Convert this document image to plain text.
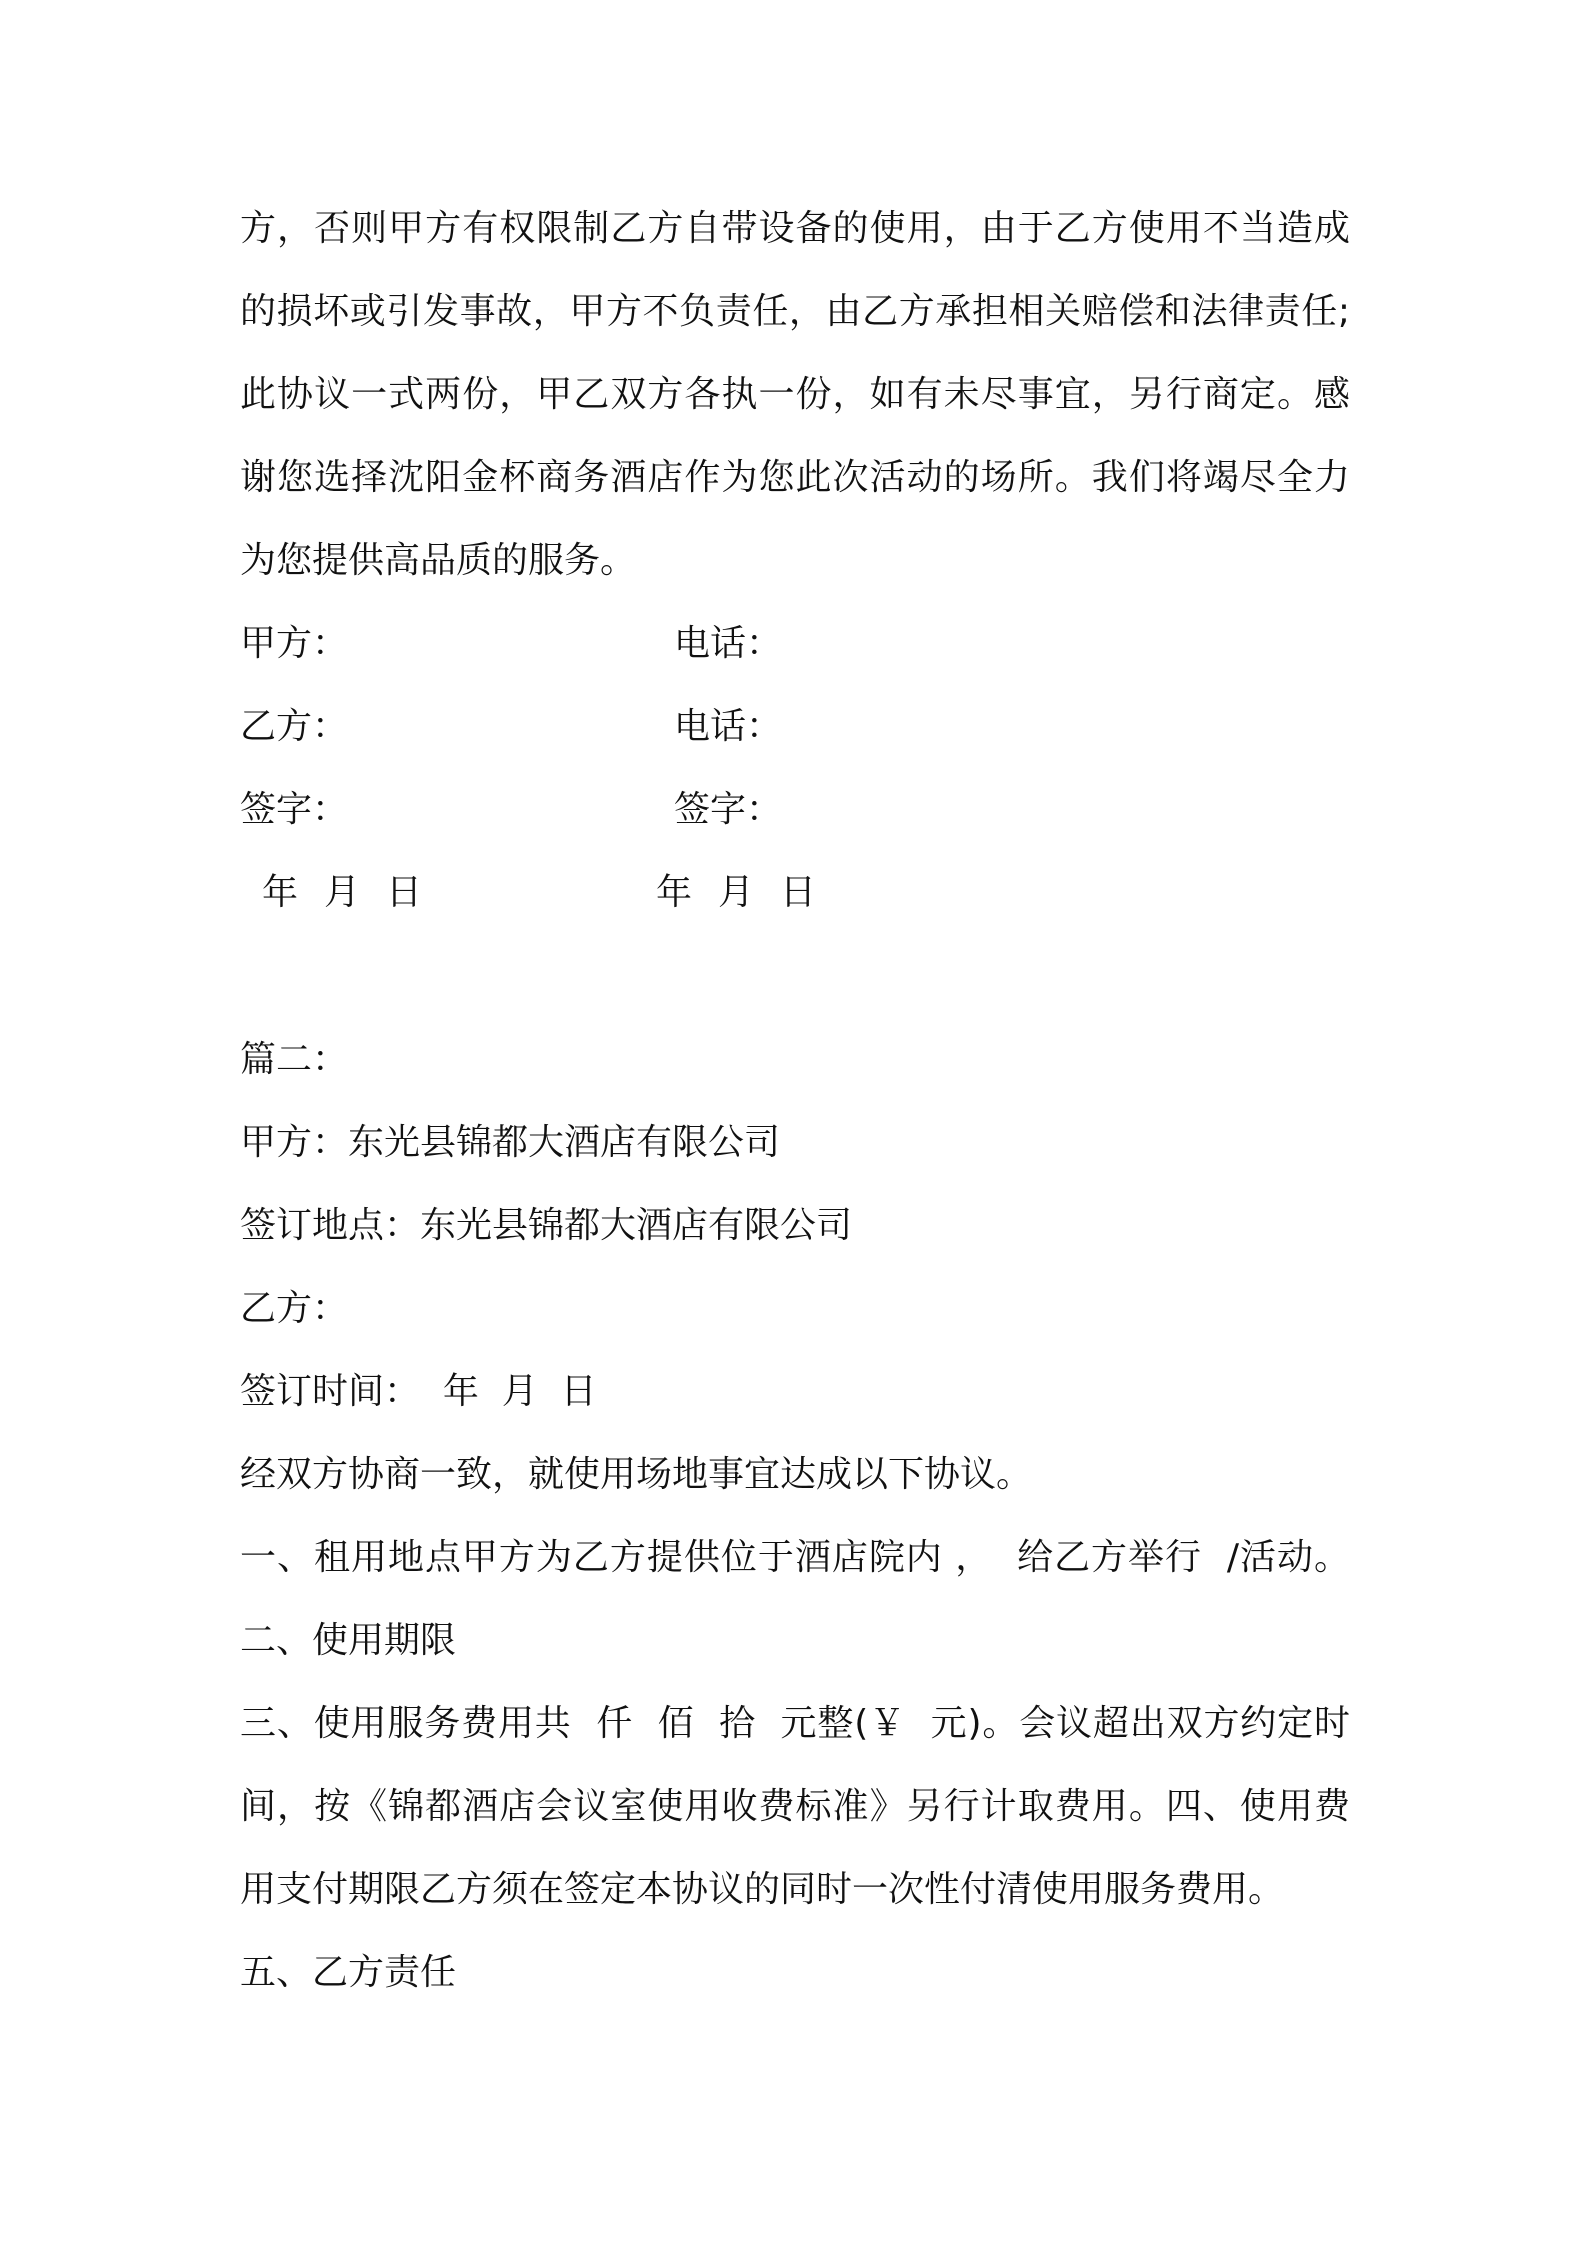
方，否则甲方有权限制乙方自带设备的使用，由于乙方使用不当造成
的损坏或引发事故，甲方不负责任，由乙方承担相关赔偿和法律责任;
此协议一式两份，甲乙双方各执一份，如有未尽事宜，另行商定。感
谢您选择沈阳金杯商务酒店作为您此次活动的场所。我们将竭尽全力
为您提供高品质的服务。
甲方：	电话：
乙方：	电话：
签字：	签字：
年 月 日	年 月 日
篇二：
甲方：东光县锦都大酒店有限公司
签订地点：东光县锦都大酒店有限公司
乙方：
签订时间：  年  月  日
经双方协商一致，就使用场地事宜达成以下协议。
一、租用地点甲方为乙方提供位于酒店院内 ，  给乙方举行  /活动。
二、使用期限
三、使用服务费用共  仟  佰  拾  元整(￥  元)。会议超出双方约定时
间，按《锦都酒店会议室使用收费标准》另行计取费用。四、使用费
用支付期限乙方须在签定本协议的同时一次性付清使用服务费用。
五、乙方责任
